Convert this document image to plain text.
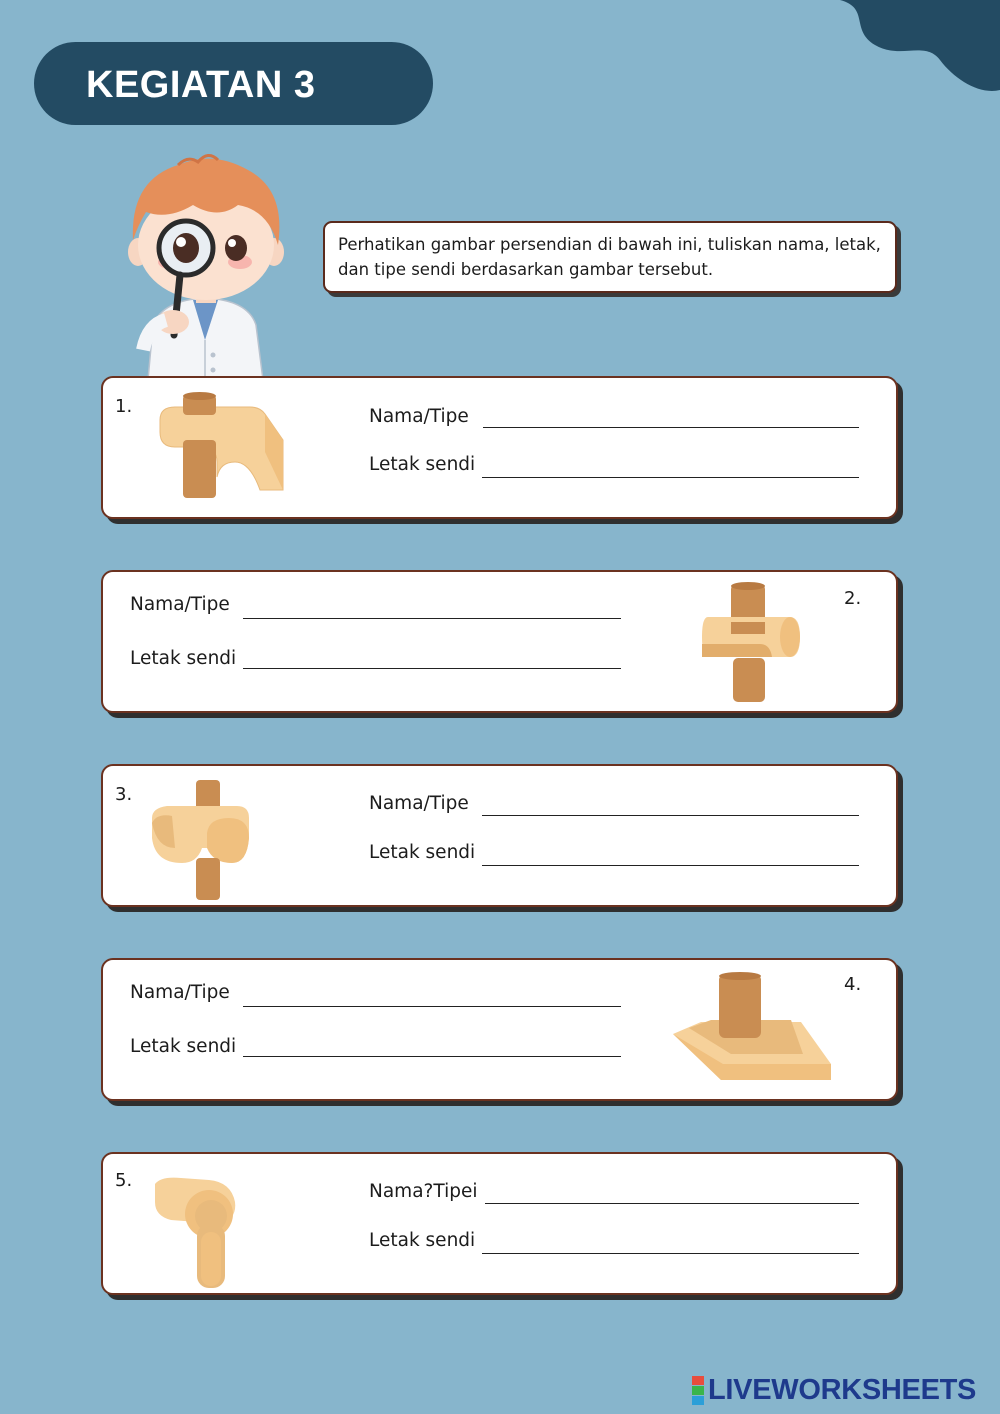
KEGIATAN 3

Perhatikan gambar persendian di bawah ini, tuliskan nama, letak, dan tipe sendi berdasarkan gambar tersebut.

1.	Nama/Tipe
Letak sendi
Nama/Tipe
Letak sendi
2.
3.	Nama/Tipe
Letak sendi
Nama/Tipe
Letak sendi
4.
5.
Nama?Tipei
Letak sendi
LIVEWORKSHEETS
